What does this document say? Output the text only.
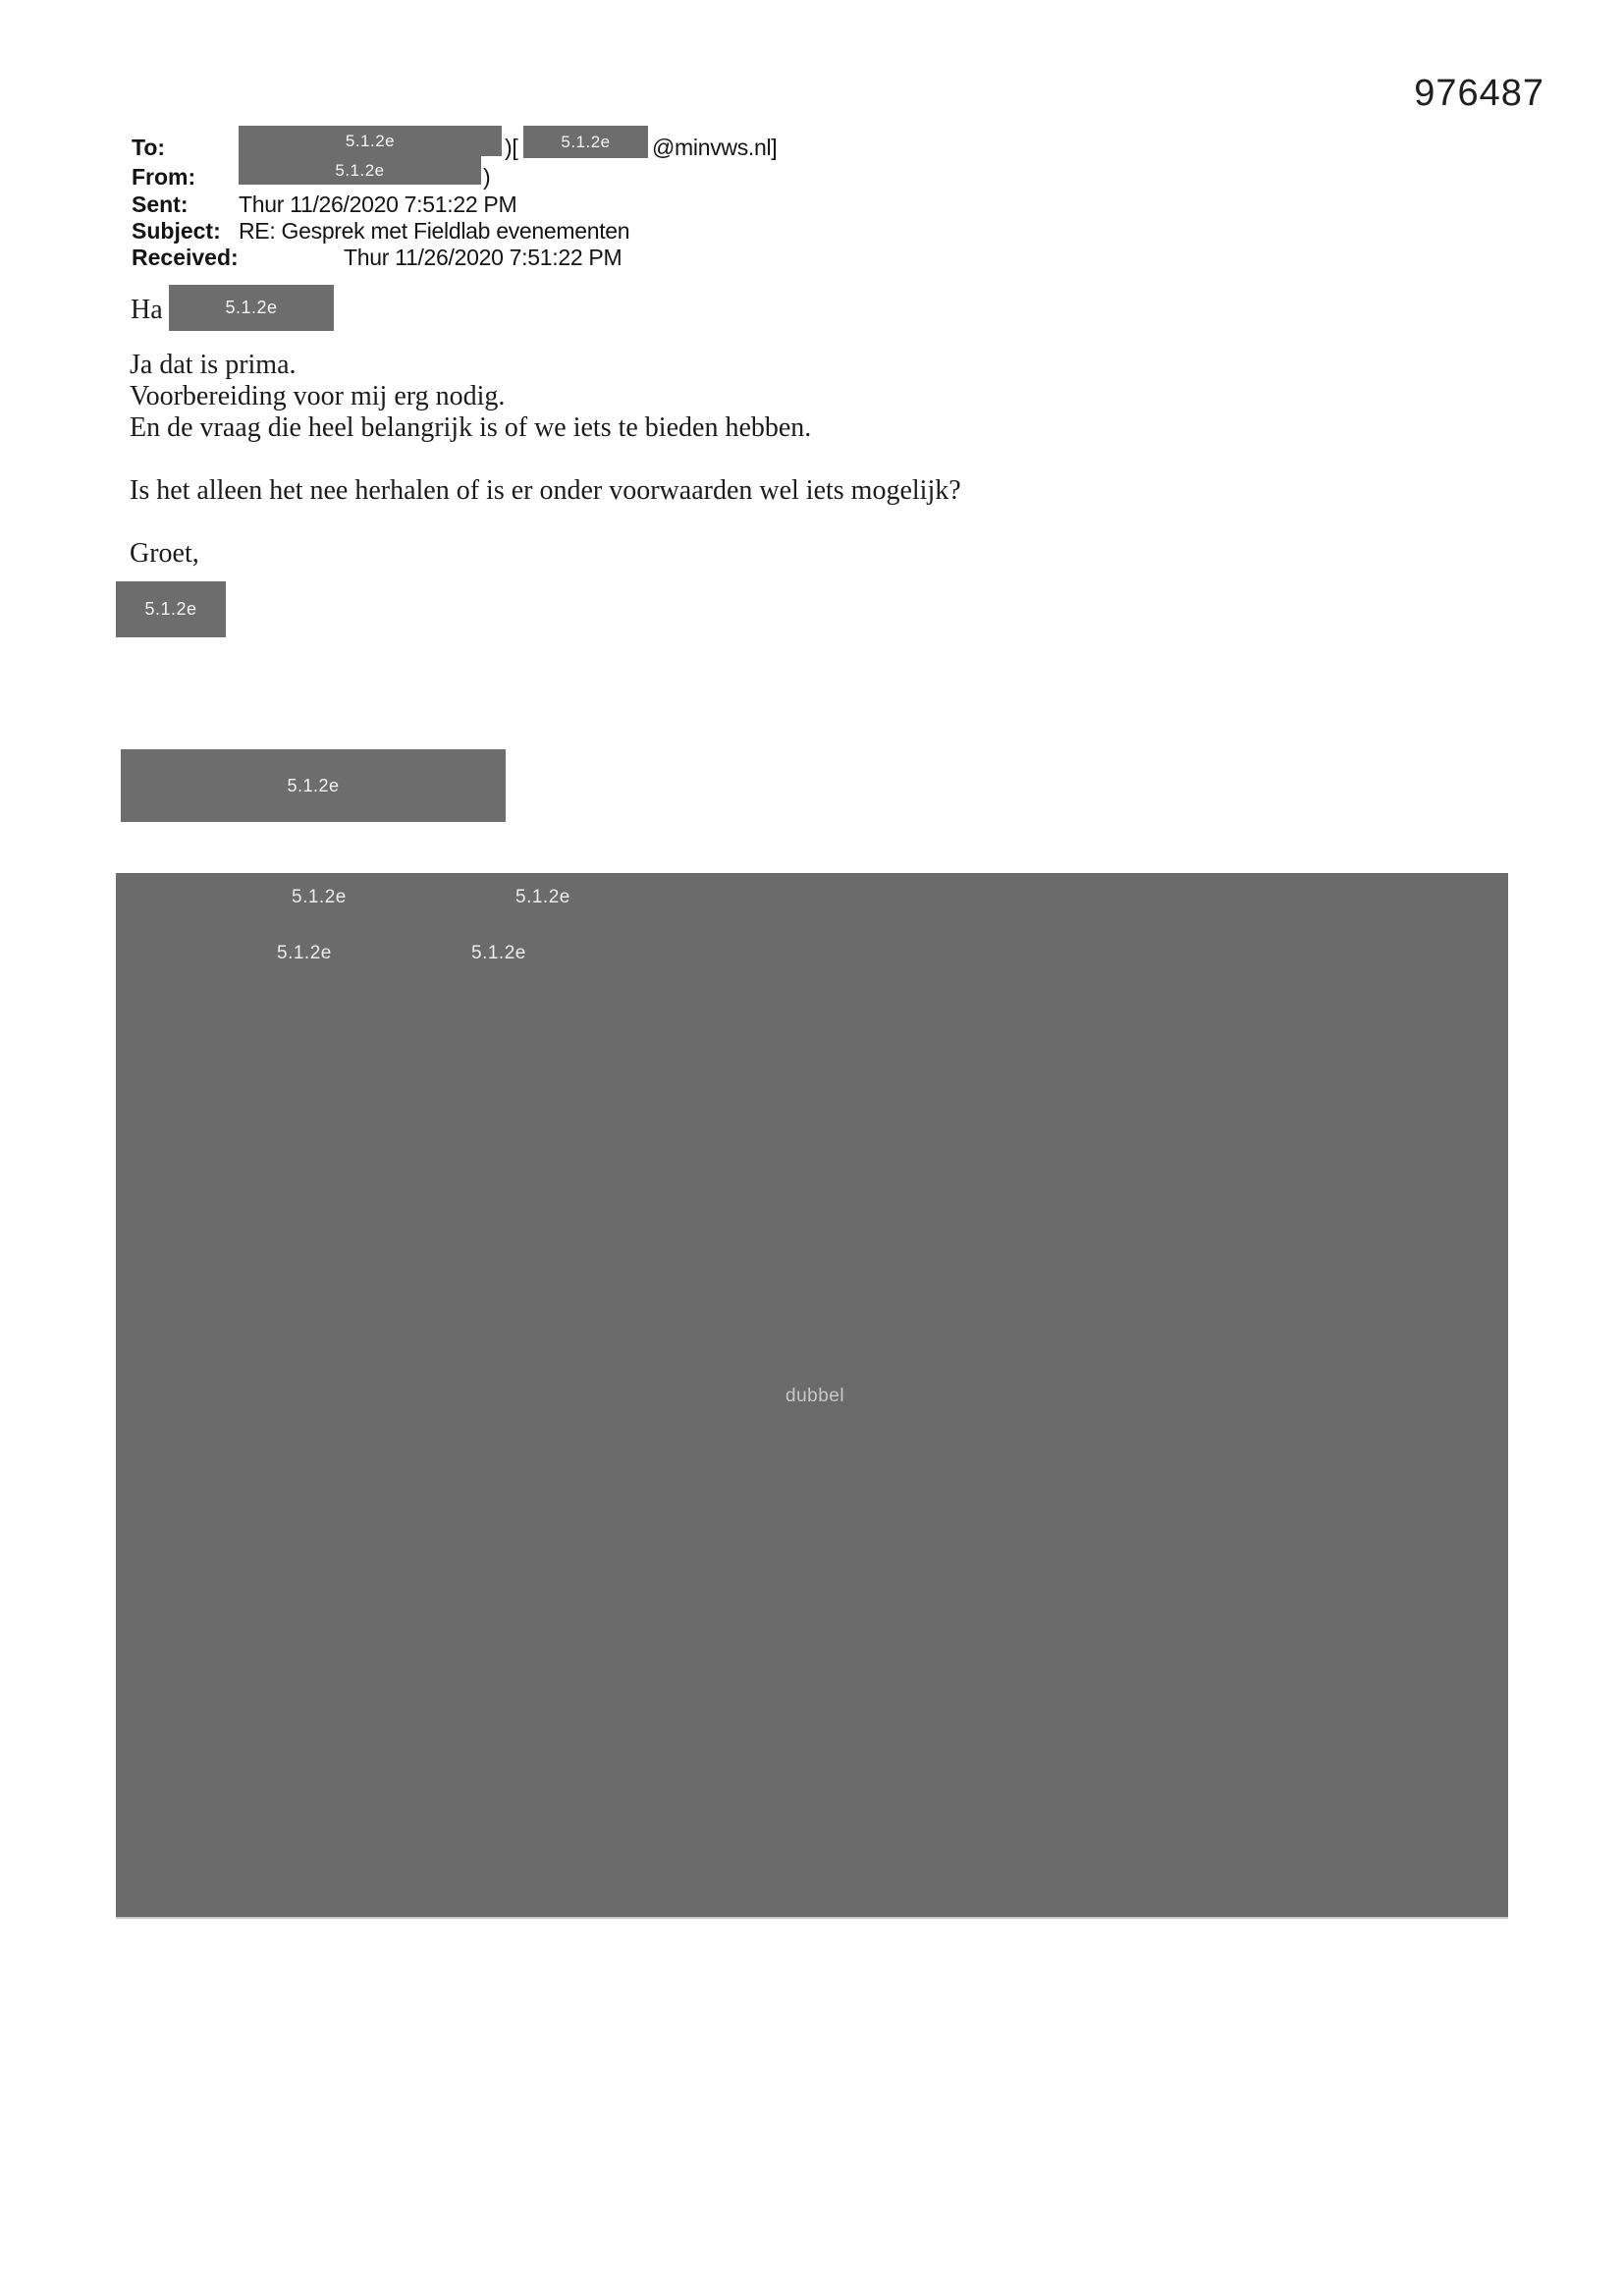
976487
To:	5.1.2e	)[	5.1.2e @minvws.nl]
From:	5.1.2e	)
Sent: Thur 11/26/2020 7:51:22 PM
Subject: RE: Gesprek met Fieldlab evenementen
Received:	Thur 11/26/2020 7:51:22 PM
Ha	5.1.2e
Ja dat is prima.
Voorbereiding voor mij erg nodig.
En de vraag die heel belangrijk is of we iets te bieden hebben.
Is het alleen het nee herhalen of is er onder voorwaarden wel iets mogelijk?
Groet,
5.1.2e
5.1.2e
5.1.2e	5.1.2e
5.1.2e	5.1.2e
dubbel
